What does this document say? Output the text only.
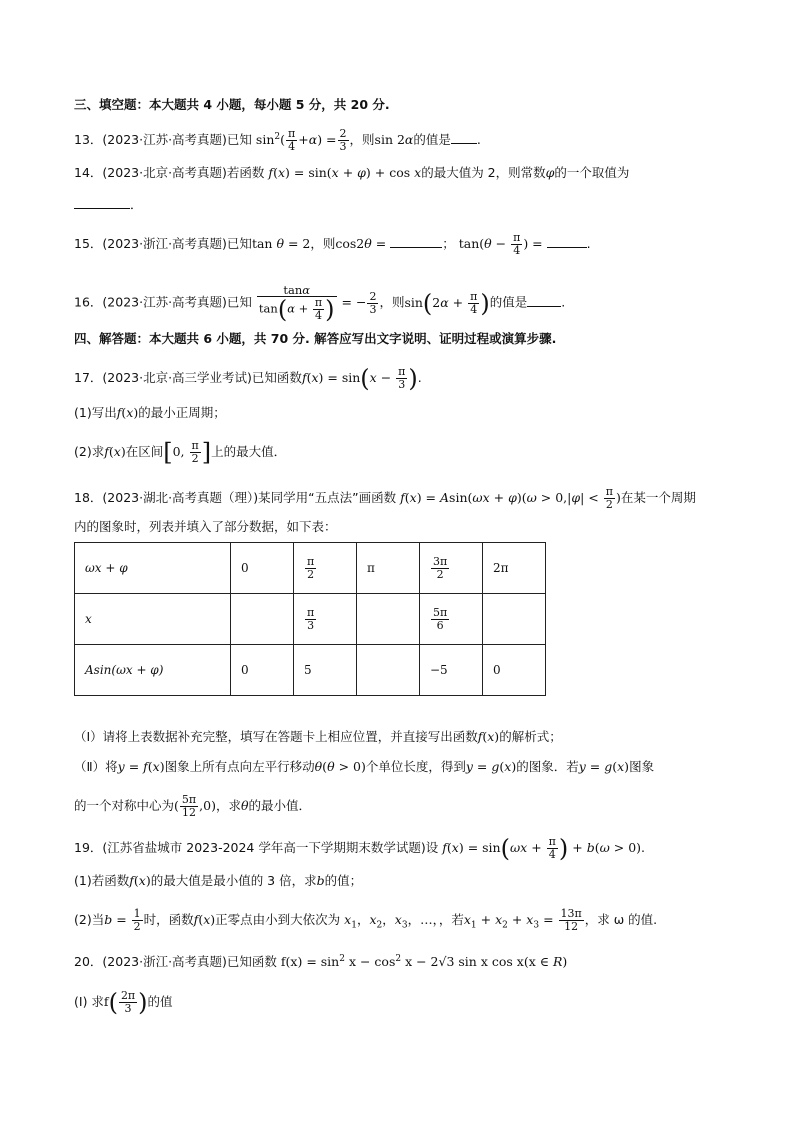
三、填空题：本大题共 4 小题，每小题 5 分，共 20 分.
13．(2023·江苏·高考真题)已知 $\sin^2( \frac{\pi}{4} +\alpha) = \frac{2}{3}$ ，则sin 2α的值是 .
14．(2023·北京·高考真题)若函数 f(x) = sin(x + φ) + cos x的最大值为 2，则常数φ的一个取值为
．
15．(2023·浙江·高考真题)已知tan θ = 2，则cos2θ =	； $\tan(\theta - \frac{\pi}{4}$ ) =	.
16．(2023·江苏·高考真题)已知 $\frac{\tan\alpha}{\tan(\alpha + \frac{\pi}{4} )}$ = − $\frac{2}{3}$ ，则$\sin(2\alpha + \frac{\pi}{4}$ )的值是	.
四、解答题：本大题共 6 小题，共 70 分. 解答应写出文字说明、证明过程或演算步骤.
17．(2023·北京·高三学业考试)已知函数$f(x) = \sin(x - \frac{\pi}{3}$ ).
(1)写出f(x)的最小正周期；
(2)求f(x)在区间[0, $\frac{\pi}{2}$ ]上的最大值．
18．(2023·湖北·高考真题（理）)某同学用“五点法”画函数 $f(x) = Asin(\omega x + \varphi)(\omega > 0,|\varphi| < \frac{\pi}{2}$ )在某一个周期
内的图象时，列表并填入了部分数据，如下表：
ωx + φ	0	$\frac{\pi}{2}$	π	$\frac{3\pi}{2}$	2π
x		$\frac{\pi}{3}$		$\frac{5\pi}{6}$

Asin(ωx + φ)	0	5		−5	0
（Ⅰ）请将上表数据补充完整，填写在答题卡上相应位置，并直接写出函数f(x)的解析式；
（Ⅱ）将y = f(x)图象上所有点向左平行移动θ(θ > 0)个单位长度，得到y = g(x)的图象．若y = g(x)图象
的一个对称中心为( $\frac{5\pi}{12} ,0$)，求θ的最小值．
19．(江苏省盐城市 2023-2024 学年高一下学期期末数学试题)设 $f(x) = \sin(\omega x + \frac{\pi}{4}$ ) + b(ω > 0).
(1)若函数f(x)的最大值是最小值的 3 倍，求b的值；
(2)当$b = \frac{1}{2}$ 时，函数f(x)正零点由小到大依次为 $x_1$，$x_2$，$x_3$，…，，若$x_1 + x_2 + x_3 = \frac{13\pi}{12}$ ，求 ω 的值.
20．(2023·浙江·高考真题)已知函数 $f(x) = \sin^2 x - \cos^2 x - 2√3$ sin x cos x(x ∈ R)
(I) 求$f( \frac{2\pi}{3}$ )的值
